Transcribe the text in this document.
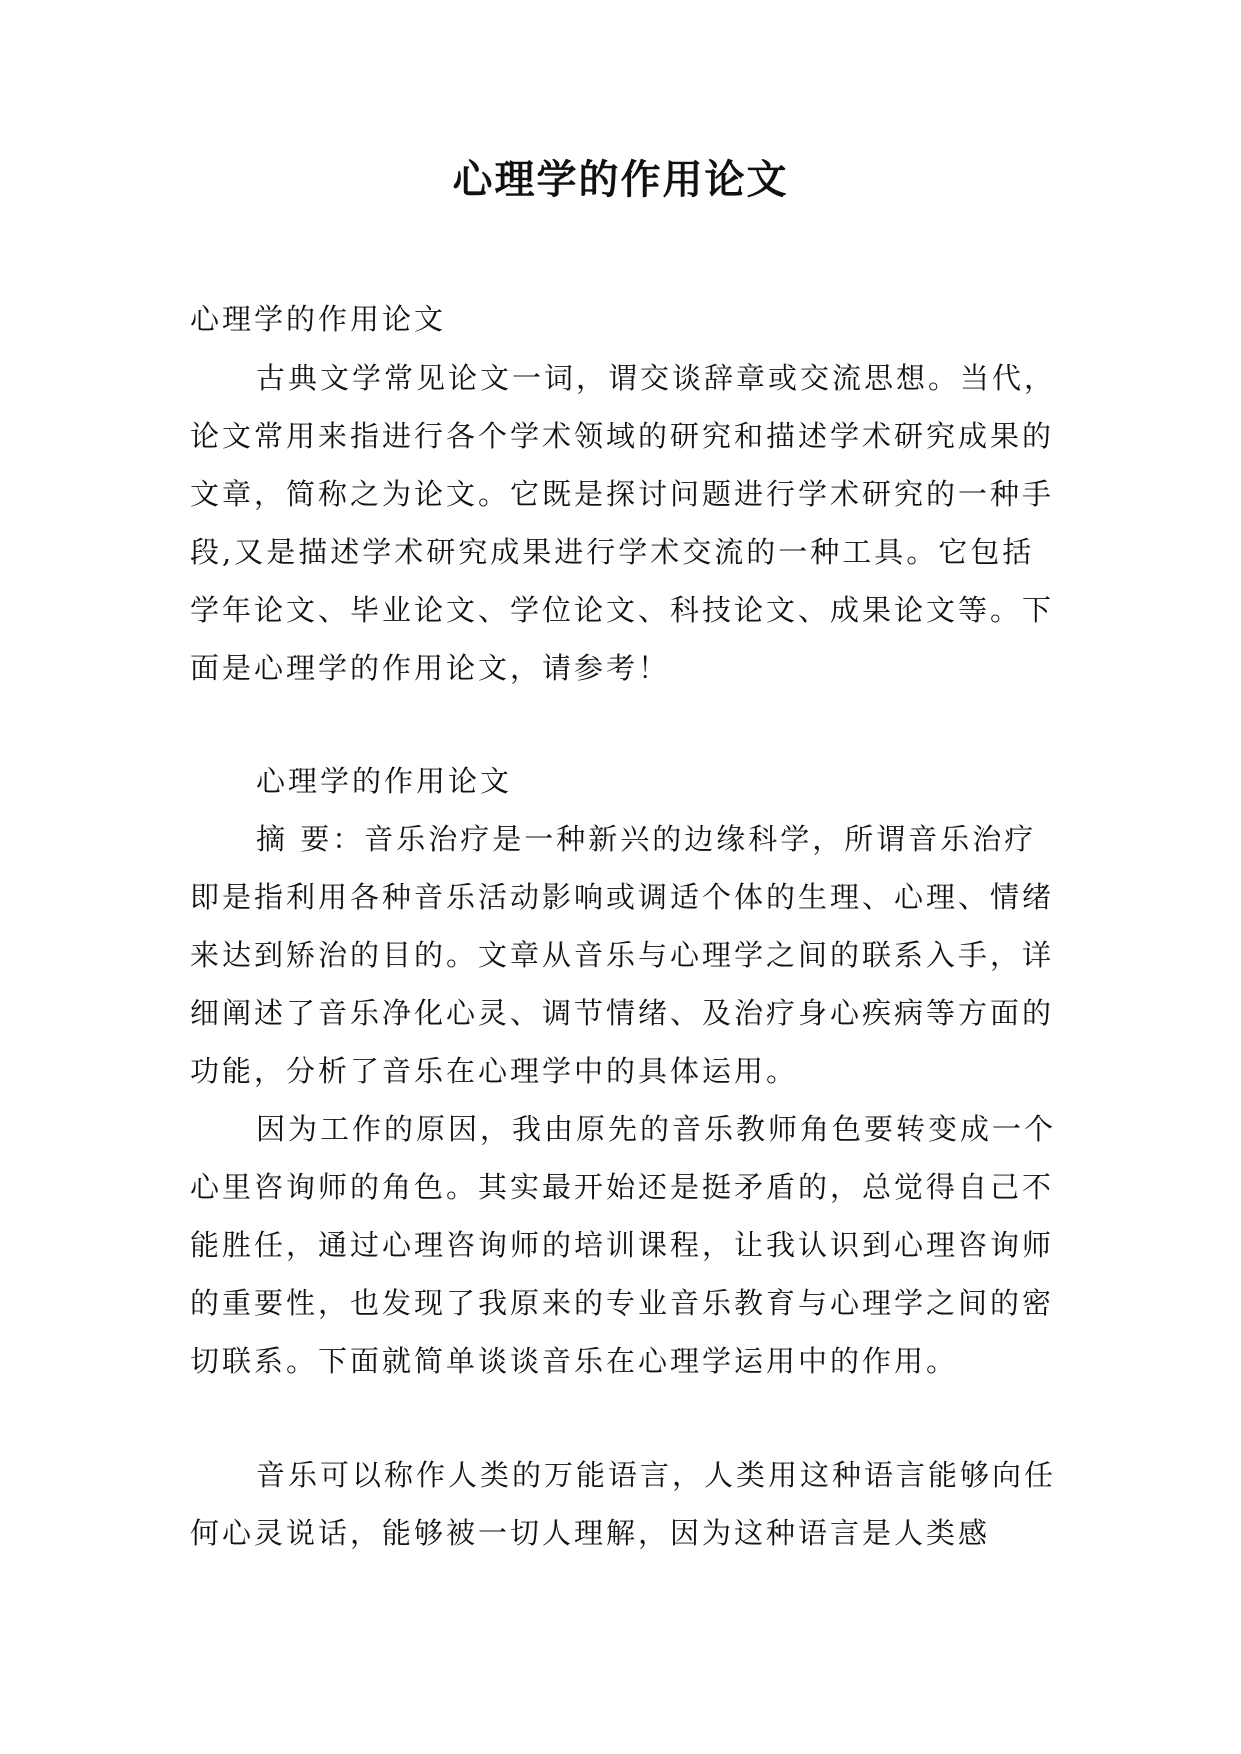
心理学的作用论文

心理学的作用论文

古典文学常见论文一词，谓交谈辞章或交流思想。当代，论文常用来指进行各个学术领域的研究和描述学术研究成果的文章，简称之为论文。它既是探讨问题进行学术研究的一种手段,又是描述学术研究成果进行学术交流的一种工具。它包括学年论文、毕业论文、学位论文、科技论文、成果论文等。下面是心理学的作用论文，请参考！

心理学的作用论文

摘 要：音乐治疗是一种新兴的边缘科学，所谓音乐治疗即是指利用各种音乐活动影响或调适个体的生理、心理、情绪来达到矫治的目的。文章从音乐与心理学之间的联系入手，详细阐述了音乐净化心灵、调节情绪、及治疗身心疾病等方面的功能，分析了音乐在心理学中的具体运用。

因为工作的原因，我由原先的音乐教师角色要转变成一个心里咨询师的角色。其实最开始还是挺矛盾的，总觉得自己不能胜任，通过心理咨询师的培训课程，让我认识到心理咨询师的重要性，也发现了我原来的专业音乐教育与心理学之间的密切联系。下面就简单谈谈音乐在心理学运用中的作用。

音乐可以称作人类的万能语言，人类用这种语言能够向任何心灵说话，能够被一切人理解，因为这种语言是人类感
